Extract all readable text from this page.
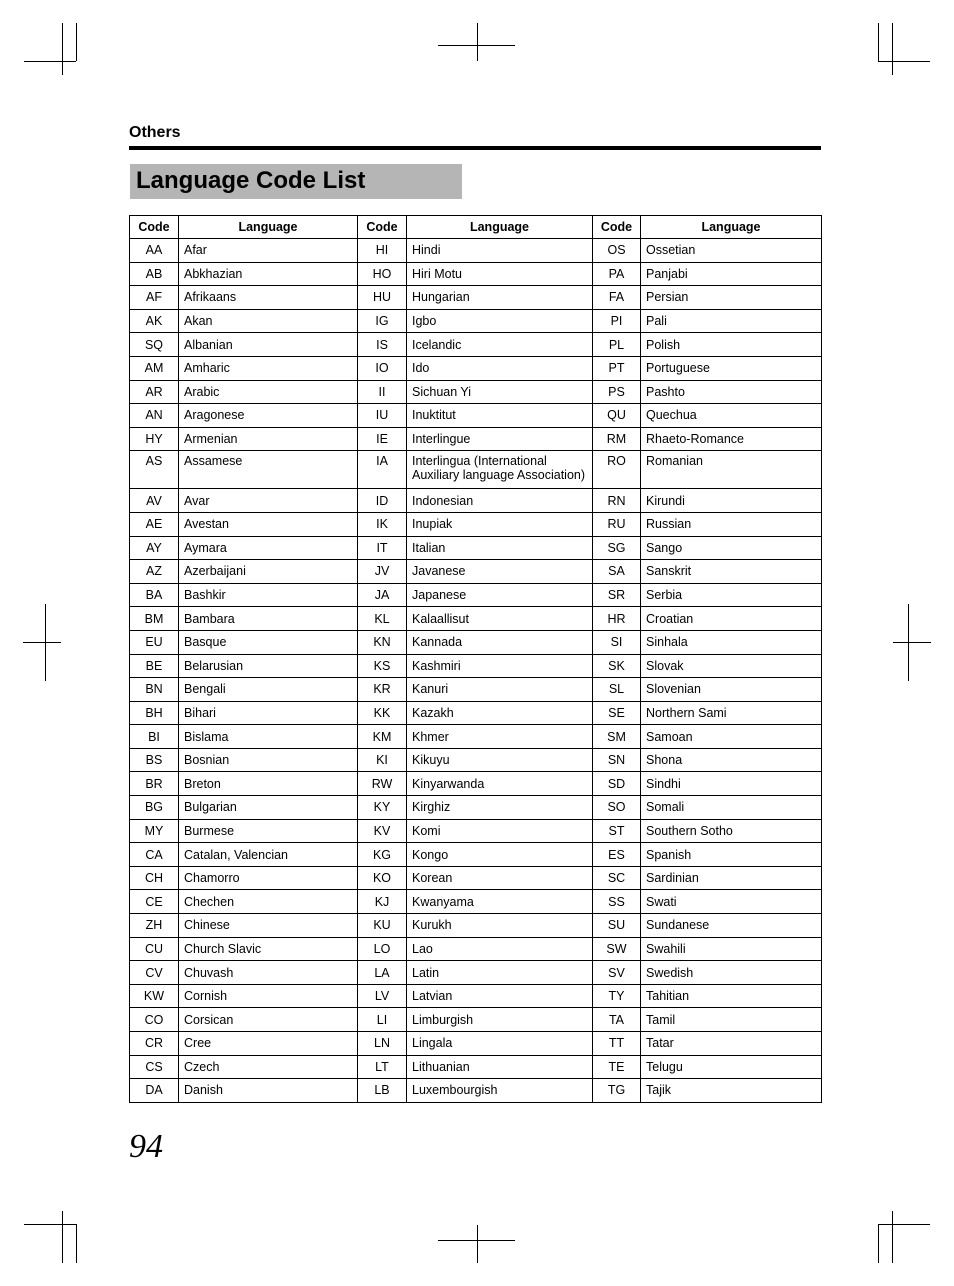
Others
Language Code List
Code	Language	Code	Language	Code	Language
AA	Afar	HI	Hindi	OS	Ossetian
AB	Abkhazian	HO	Hiri Motu	PA	Panjabi
AF	Afrikaans	HU	Hungarian	FA	Persian
AK	Akan	IG	Igbo	PI	Pali
SQ	Albanian	IS	Icelandic	PL	Polish
AM	Amharic	IO	Ido	PT	Portuguese
AR	Arabic	II	Sichuan Yi	PS	Pashto
AN	Aragonese	IU	Inuktitut	QU	Quechua
HY	Armenian	IE	Interlingue	RM	Rhaeto-Romance
AS	Assamese	IA	Interlingua (International Auxiliary language Association)	RO	Romanian
AV	Avar	ID	Indonesian	RN	Kirundi
AE	Avestan	IK	Inupiak	RU	Russian
AY	Aymara	IT	Italian	SG	Sango
AZ	Azerbaijani	JV	Javanese	SA	Sanskrit
BA	Bashkir	JA	Japanese	SR	Serbia
BM	Bambara	KL	Kalaallisut	HR	Croatian
EU	Basque	KN	Kannada	SI	Sinhala
BE	Belarusian	KS	Kashmiri	SK	Slovak
BN	Bengali	KR	Kanuri	SL	Slovenian
BH	Bihari	KK	Kazakh	SE	Northern Sami
BI	Bislama	KM	Khmer	SM	Samoan
BS	Bosnian	KI	Kikuyu	SN	Shona
BR	Breton	RW	Kinyarwanda	SD	Sindhi
BG	Bulgarian	KY	Kirghiz	SO	Somali
MY	Burmese	KV	Komi	ST	Southern Sotho
CA	Catalan, Valencian	KG	Kongo	ES	Spanish
CH	Chamorro	KO	Korean	SC	Sardinian
CE	Chechen	KJ	Kwanyama	SS	Swati
ZH	Chinese	KU	Kurukh	SU	Sundanese
CU	Church Slavic	LO	Lao	SW	Swahili
CV	Chuvash	LA	Latin	SV	Swedish
KW	Cornish	LV	Latvian	TY	Tahitian
CO	Corsican	LI	Limburgish	TA	Tamil
CR	Cree	LN	Lingala	TT	Tatar
CS	Czech	LT	Lithuanian	TE	Telugu
DA	Danish	LB	Luxembourgish	TG	Tajik
94
